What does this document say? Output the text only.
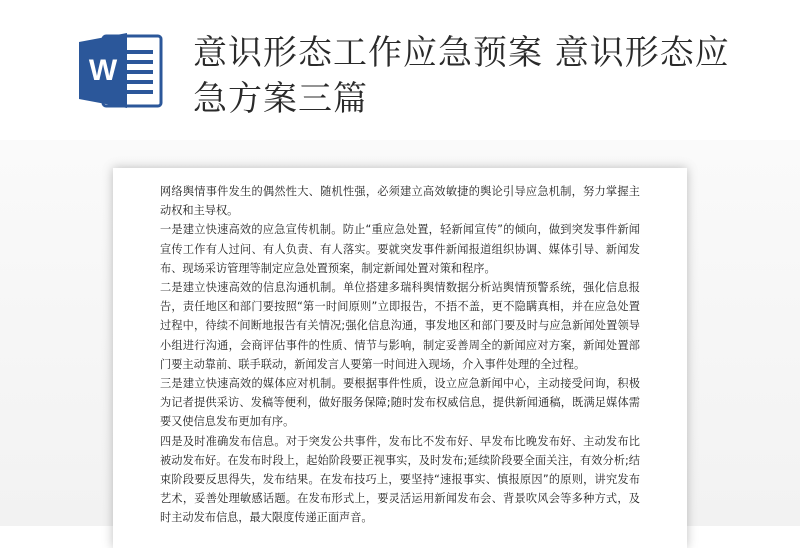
W 意识形态工作应急预案 意识形态应急方案三篇

网络舆情事件发生的偶然性大、随机性强，必须建立高效敏捷的舆论引导应急机制，努力掌握主动权和主导权。

一是建立快速高效的应急宣传机制。防止“重应急处置，轻新闻宣传”的倾向，做到突发事件新闻宣传工作有人过问、有人负责、有人落实。要就突发事件新闻报道组织协调、媒体引导、新闻发布、现场采访管理等制定应急处置预案，制定新闻处置对策和程序。

二是建立快速高效的信息沟通机制。单位搭建多瑞科舆情数据分析站舆情预警系统，强化信息报告，责任地区和部门要按照“第一时间原则”立即报告，不捂不盖，更不隐瞒真相，并在应急处置过程中，待续不间断地报告有关情况;强化信息沟通，事发地区和部门要及时与应急新闻处置领导小组进行沟通，会商评估事件的性质、情节与影响，制定妥善周全的新闻应对方案，新闻处置部门要主动靠前、联手联动，新闻发言人要第一时间进入现场，介入事件处理的全过程。

三是建立快速高效的媒体应对机制。要根据事件性质，设立应急新闻中心，主动接受问询，积极为记者提供采访、发稿等便利，做好服务保障;随时发布权威信息，提供新闻通稿，既满足媒体需要又使信息发布更加有序。

四是及时准确发布信息。对于突发公共事件，发布比不发布好、早发布比晚发布好、主动发布比被动发布好。在发布时段上，起始阶段要正视事实，及时发布;延续阶段要全面关注，有效分析;结束阶段要反思得失，发布结果。在发布技巧上，要坚持“速报事实、慎报原因”的原则，讲究发布艺术，妥善处理敏感话题。在发布形式上，要灵活运用新闻发布会、背景吹风会等多种方式，及时主动发布信息，最大限度传递正面声音。
